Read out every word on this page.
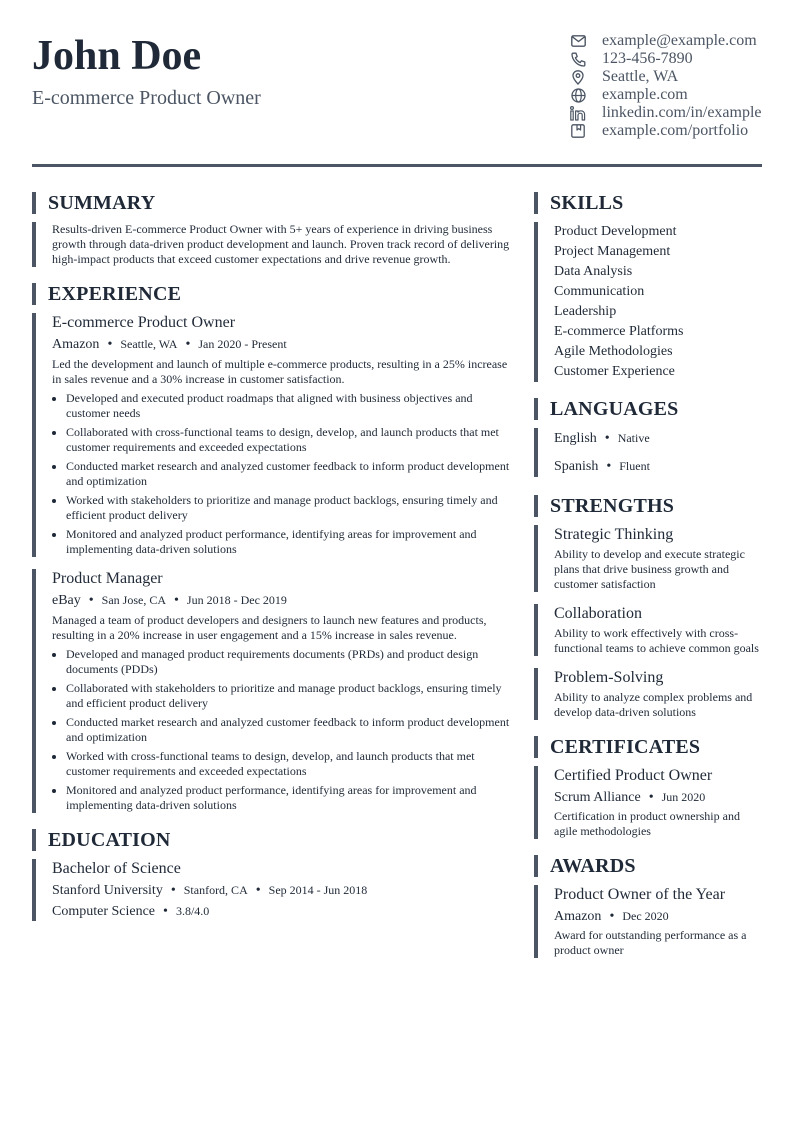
John Doe
E-commerce Product Owner
example@example.com
123-456-7890
Seattle, WA
example.com
linkedin.com/in/example
example.com/portfolio
SUMMARY
Results-driven E-commerce Product Owner with 5+ years of experience in driving business growth through data-driven product development and launch. Proven track record of delivering high-impact products that exceed customer expectations and drive revenue growth.
EXPERIENCE
E-commerce Product Owner
Amazon • Seattle, WA • Jan 2020 - Present
Led the development and launch of multiple e-commerce products, resulting in a 25% increase in sales revenue and a 30% increase in customer satisfaction.
• Developed and executed product roadmaps that aligned with business objectives and customer needs
• Collaborated with cross-functional teams to design, develop, and launch products that met customer requirements and exceeded expectations
• Conducted market research and analyzed customer feedback to inform product development and optimization
• Worked with stakeholders to prioritize and manage product backlogs, ensuring timely and efficient product delivery
• Monitored and analyzed product performance, identifying areas for improvement and implementing data-driven solutions
Product Manager
eBay • San Jose, CA • Jun 2018 - Dec 2019
Managed a team of product developers and designers to launch new features and products, resulting in a 20% increase in user engagement and a 15% increase in sales revenue.
• Developed and managed product requirements documents (PRDs) and product design documents (PDDs)
• Collaborated with stakeholders to prioritize and manage product backlogs, ensuring timely and efficient product delivery
• Conducted market research and analyzed customer feedback to inform product development and optimization
• Worked with cross-functional teams to design, develop, and launch products that met customer requirements and exceeded expectations
• Monitored and analyzed product performance, identifying areas for improvement and implementing data-driven solutions
EDUCATION
Bachelor of Science
Stanford University • Stanford, CA • Sep 2014 - Jun 2018
Computer Science • 3.8/4.0
SKILLS
Product Development
Project Management
Data Analysis
Communication
Leadership
E-commerce Platforms
Agile Methodologies
Customer Experience
LANGUAGES
English • Native
Spanish • Fluent
STRENGTHS
Strategic Thinking
Ability to develop and execute strategic plans that drive business growth and customer satisfaction
Collaboration
Ability to work effectively with cross-functional teams to achieve common goals
Problem-Solving
Ability to analyze complex problems and develop data-driven solutions
CERTIFICATES
Certified Product Owner
Scrum Alliance • Jun 2020
Certification in product ownership and agile methodologies
AWARDS
Product Owner of the Year
Amazon • Dec 2020
Award for outstanding performance as a product owner
